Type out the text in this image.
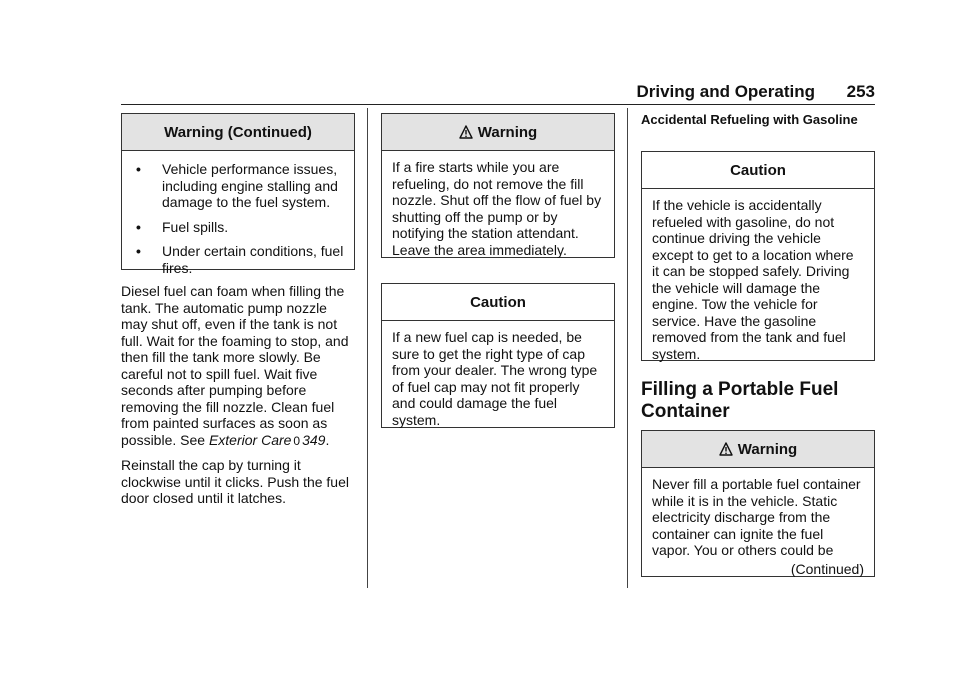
Driving and Operating 253
Warning (Continued)
• Vehicle performance issues, including engine stalling and damage to the fuel system.
• Fuel spills.
• Under certain conditions, fuel fires.

Diesel fuel can foam when filling the tank. The automatic pump nozzle may shut off, even if the tank is not full. Wait for the foaming to stop, and then fill the tank more slowly. Be careful not to spill fuel. Wait five seconds after pumping before removing the fill nozzle. Clean fuel from painted surfaces as soon as possible. See Exterior Care 0 349.

Reinstall the cap by turning it clockwise until it clicks. Push the fuel door closed until it latches.

Warning
If a fire starts while you are refueling, do not remove the fill nozzle. Shut off the flow of fuel by shutting off the pump or by notifying the station attendant. Leave the area immediately.
Caution
If a new fuel cap is needed, be sure to get the right type of cap from your dealer. The wrong type of fuel cap may not fit properly and could damage the fuel system.
Accidental Refueling with Gasoline
Caution
If the vehicle is accidentally refueled with gasoline, do not continue driving the vehicle except to get to a location where it can be stopped safely. Driving the vehicle will damage the engine. Tow the vehicle for service. Have the gasoline removed from the tank and fuel system.
Filling a Portable Fuel Container
Warning
Never fill a portable fuel container while it is in the vehicle. Static electricity discharge from the container can ignite the fuel vapor. You or others could be
(Continued)
